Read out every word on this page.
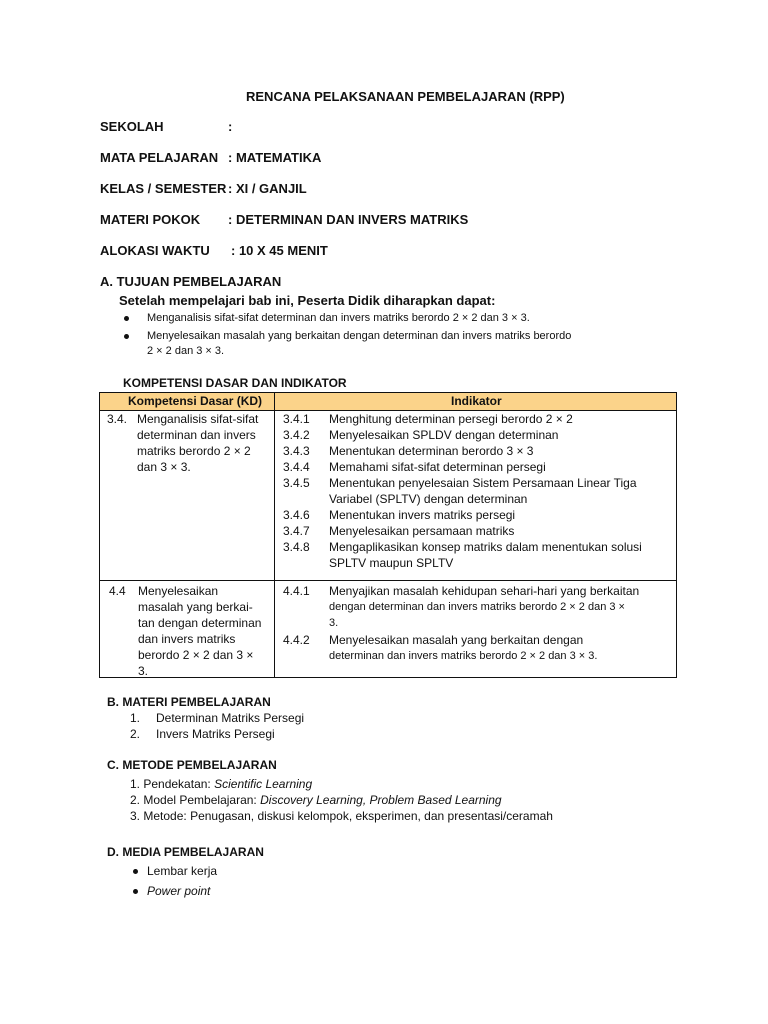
RENCANA PELAKSANAAN PEMBELAJARAN (RPP)
SEKOLAH	:
MATA PELAJARAN : MATEMATIKA
KELAS / SEMESTER : XI / GANJIL
MATERI POKOK : DETERMINAN DAN INVERS MATRIKS
ALOKASI WAKTU : 10 X 45 MENIT
A. TUJUAN PEMBELAJARAN
Setelah mempelajari bab ini, Peserta Didik diharapkan dapat:
Menganalisis sifat-sifat determinan dan invers matriks berordo 2 × 2 dan 3 × 3.
Menyelesaikan masalah yang berkaitan dengan determinan dan invers matriks berordo
2 × 2 dan 3 × 3.
KOMPETENSI DASAR DAN INDIKATOR
Kompetensi Dasar (KD)	Indikator
3.4. Menganalisis sifat-sifat
determinan dan invers
matriks berordo 2 × 2
dan 3 × 3.
3.4.1 Menghitung determinan persegi berordo 2 × 2
3.4.2 Menyelesaikan SPLDV dengan determinan
3.4.3 Menentukan determinan berordo 3 × 3
3.4.4 Memahami sifat-sifat determinan persegi
3.4.5 Menentukan penyelesaian Sistem Persamaan Linear Tiga
Variabel (SPLTV) dengan determinan
3.4.6 Menentukan invers matriks persegi
3.4.7 Menyelesaikan persamaan matriks
3.4.8 Mengaplikasikan konsep matriks dalam menentukan solusi
SPLTV maupun SPLTV
4.4 Menyelesaikan
masalah yang berkai-
tan dengan determinan
dan invers matriks
berordo 2 × 2 dan 3 ×
3.
4.4.1 Menyajikan masalah kehidupan sehari-hari yang berkaitan
dengan determinan dan invers matriks berordo 2 × 2 dan 3 ×
3.
4.4.2 Menyelesaikan masalah yang berkaitan dengan
determinan dan invers matriks berordo 2 × 2 dan 3 × 3.
B. MATERI PEMBELAJARAN
1. Determinan Matriks Persegi
2. Invers Matriks Persegi
C. METODE PEMBELAJARAN
1. Pendekatan: Scientific Learning
2. Model Pembelajaran: Discovery Learning, Problem Based Learning
3. Metode: Penugasan, diskusi kelompok, eksperimen, dan presentasi/ceramah
D. MEDIA PEMBELAJARAN
Lembar kerja
Power point
